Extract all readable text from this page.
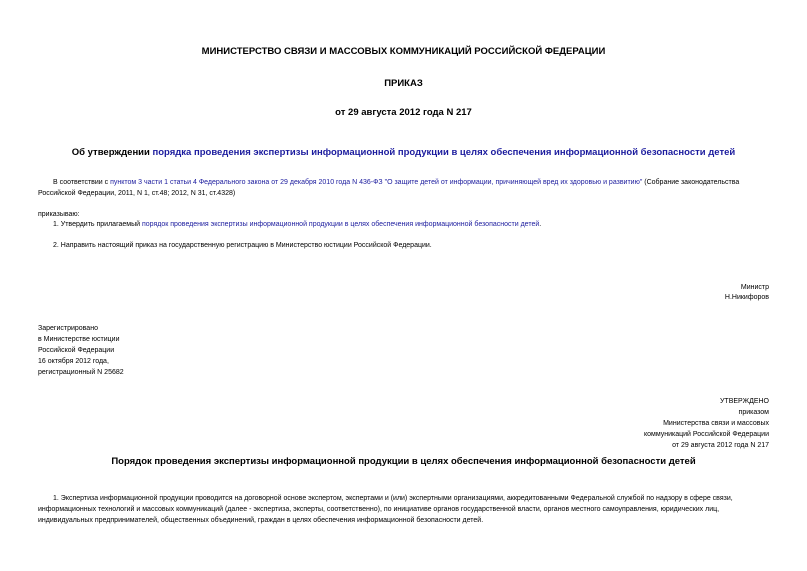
МИНИСТЕРСТВО СВЯЗИ И МАССОВЫХ КОММУНИКАЦИЙ РОССИЙСКОЙ ФЕДЕРАЦИИ
ПРИКАЗ
от 29 августа 2012 года N 217
Об утверждении порядка проведения экспертизы информационной продукции в целях обеспечения информационной безопасности детей
В соответствии с пунктом 3 части 1 статьи 4 Федерального закона от 29 декабря 2010 года N 436-ФЗ "О защите детей от информации, причиняющей вред их здоровью и развитию" (Собрание законодательства
Российской Федерации, 2011, N 1, ст.48; 2012, N 31, ст.4328)
приказываю:
1. Утвердить прилагаемый порядок проведения экспертизы информационной продукции в целях обеспечения информационной безопасности детей.
2. Направить настоящий приказ на государственную регистрацию в Министерство юстиции Российской Федерации.
Министр
Н.Никифоров
Зарегистрировано
в Министерстве юстиции
Российской Федерации
16 октября 2012 года,
регистрационный N 25682
УТВЕРЖДЕНО
приказом
Министерства связи и массовых
коммуникаций Российской Федерации
от 29 августа 2012 года N 217
Порядок проведения экспертизы информационной продукции в целях обеспечения информационной безопасности детей
1. Экспертиза информационной продукции проводится на договорной основе экспертом, экспертами и (или) экспертными организациями, аккредитованными Федеральной службой по надзору в сфере связи,
информационных технологий и массовых коммуникаций (далее - экспертиза, эксперты, соответственно), по инициативе органов государственной власти, органов местного самоуправления, юридических лиц,
индивидуальных предпринимателей, общественных объединений, граждан в целях обеспечения информационной безопасности детей.
